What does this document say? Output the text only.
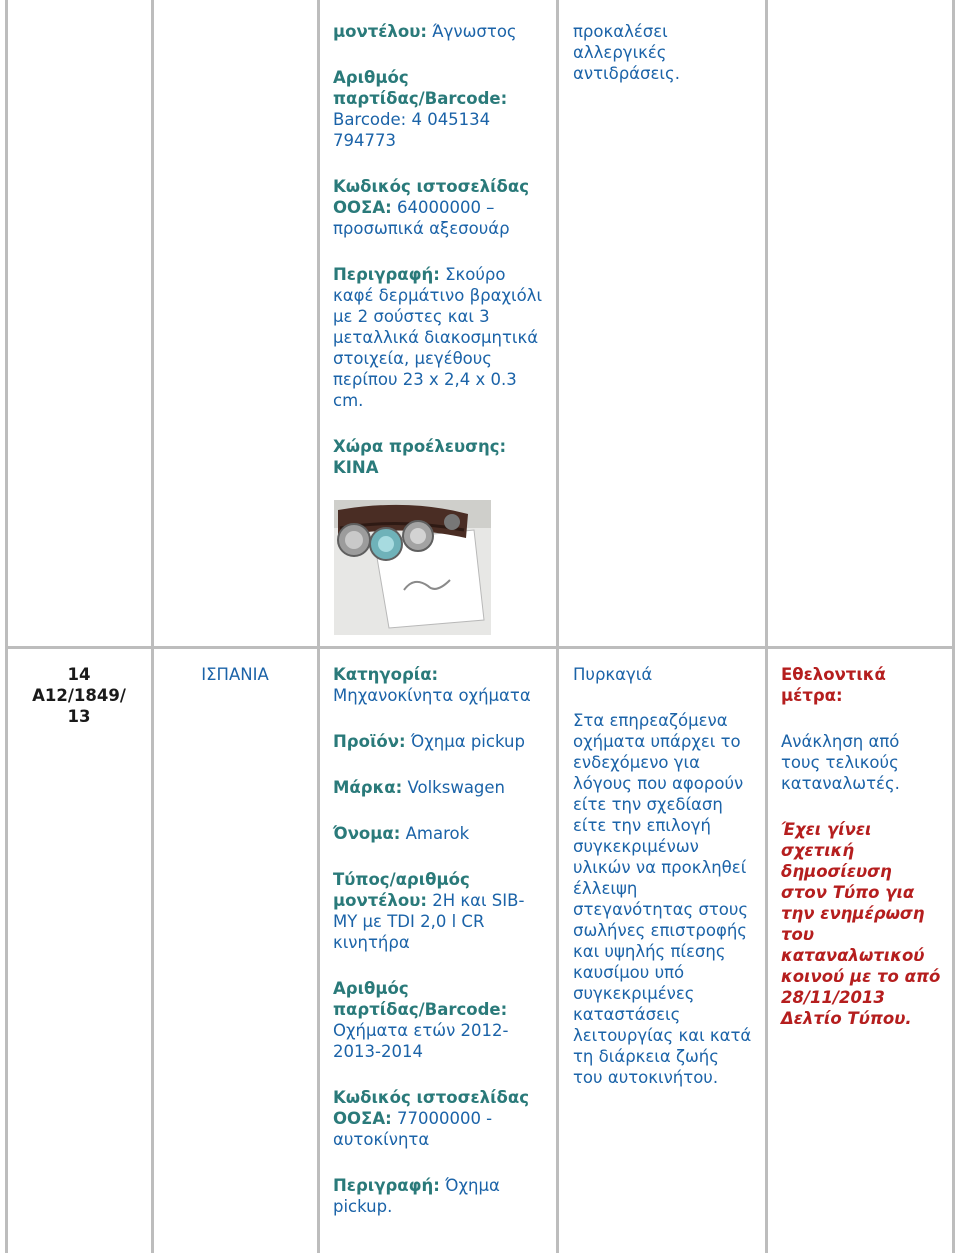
μοντέλου: Άγνωστος

Αριθμός παρτίδας/Barcode: Barcode: 4 045134 794773

Κωδικός ιστοσελίδας ΟΟΣΑ: 64000000 – προσωπικά αξεσουάρ

Περιγραφή: Σκούρο καφέ δερμάτινο βραχιόλι με 2 σούστες και 3 μεταλλικά διακοσμητικά στοιχεία, μεγέθους περίπου 23 x 2,4 x 0.3 cm.

Χώρα προέλευσης: ΚΙΝΑ

προκαλέσει αλλεργικές αντιδράσεις.

14
A12/1849/
13
ΙΣΠΑΝΙΑ	Κατηγορία: Μηχανοκίνητα οχήματα

Προϊόν: Όχημα pickup

Μάρκα: Volkswagen

Όνομα: Amarok

Τύπος/αριθμός μοντέλου: 2H και SIB-MY με TDI 2,0 l CR κινητήρα

Αριθμός παρτίδας/Barcode: Οχήματα ετών 2012-2013-2014

Κωδικός ιστοσελίδας ΟΟΣΑ: 77000000 - αυτοκίνητα

Περιγραφή: Όχημα pickup.

Πυρκαγιά

Στα επηρεαζόμενα οχήματα υπάρχει το ενδεχόμενο για λόγους που αφορούν είτε την σχεδίαση είτε την επιλογή συγκεκριμένων υλικών να προκληθεί έλλειψη στεγανότητας στους σωλήνες επιστροφής και υψηλής πίεσης καυσίμου υπό συγκεκριμένες καταστάσεις λειτουργίας και κατά τη διάρκεια ζωής του αυτοκινήτου.

Εθελοντικά μέτρα:

Ανάκληση από τους τελικούς καταναλωτές.

Έχει γίνει σχετική δημοσίευση στον Τύπο για την ενημέρωση του καταναλωτικού κοινού με το από 28/11/2013 Δελτίο Τύπου.
